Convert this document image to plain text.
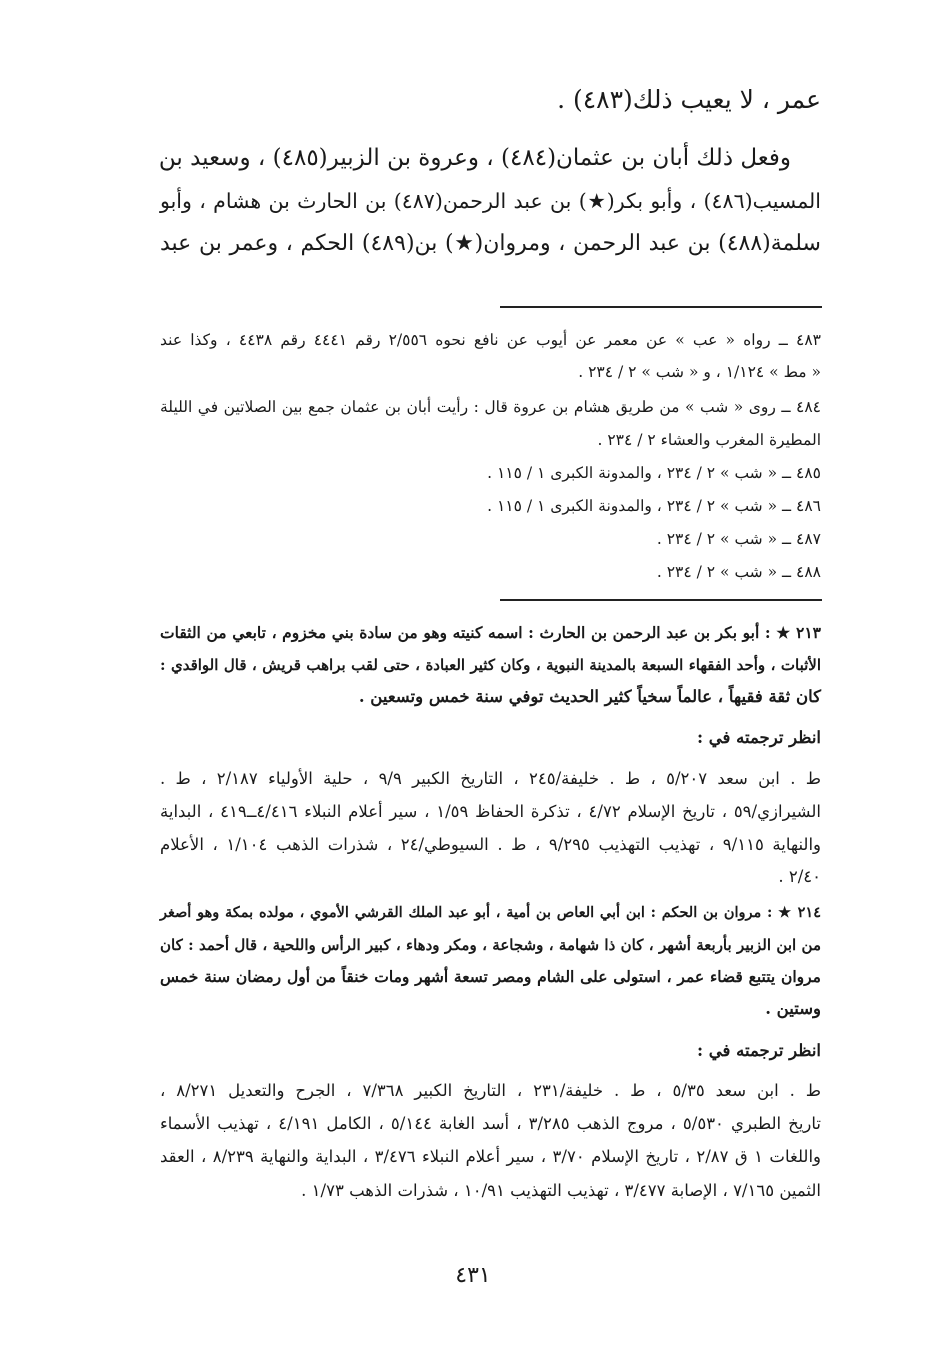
عمر ، لا يعيب ذلك(٤٨٣) .
وفعل ذلك أبان بن عثمان(٤٨٤) ، وعروة بن الزبير(٤٨٥) ، وسعيد بن
المسيب(٤٨٦) ، وأبو بكر(★) بن عبد الرحمن(٤٨٧) بن الحارث بن هشام ، وأبو
سلمة(٤٨٨) بن عبد الرحمن ، ومروان(★) بن(٤٨٩) الحكم ، وعمر بن عبد
٤٨٣ ــ رواه « عب » عن معمر عن أيوب عن نافع نحوه ٢/٥٥٦ رقم ٤٤٤١ رقم ٤٤٣٨ ، وكذا عند
« مط » ١/١٢٤ ، و « شب » ٢ / ٢٣٤ .
٤٨٤ ــ روى « شب » من طريق هشام بن عروة قال : رأيت أبان بن عثمان جمع بين الصلاتين في الليلة
المطيرة المغرب والعشاء ٢ / ٢٣٤ .
٤٨٥ ــ « شب » ٢ / ٢٣٤ ، والمدونة الكبرى ١ / ١١٥ .
٤٨٦ ــ « شب » ٢ / ٢٣٤ ، والمدونة الكبرى ١ / ١١٥ .
٤٨٧ ــ « شب » ٢ / ٢٣٤ .
٤٨٨ ــ « شب » ٢ / ٢٣٤ .
٢١٣ ★ : أبو بكر بن عبد الرحمن بن الحارث : اسمه كنيته وهو من سادة بني مخزوم ، تابعي من الثقات
الأثبات ، وأحد الفقهاء السبعة بالمدينة النبوية ، وكان كثير العبادة ، حتى لقب براهب قريش ، قال الواقدي :
كان ثقة فقيهاً ، عالماً سخياً كثير الحديث توفي سنة خمس وتسعين .
انظر ترجمته في :
ط . ابن سعد ٥/٢٠٧ ، ط . خليفة/٢٤٥ ، التاريخ الكبير ٩/٩ ، حلية الأولياء ٢/١٨٧ ، ط .
الشيرازي/٥٩ ، تاريخ الإسلام ٤/٧٢ ، تذكرة الحفاظ ١/٥٩ ، سير أعلام النبلاء ٤/٤١٦ــ٤١٩ ، البداية
والنهاية ٩/١١٥ ، تهذيب التهذيب ٩/٢٩٥ ، ط . السيوطي/٢٤ ، شذرات الذهب ١/١٠٤ ، الأعلام
٢/٤٠ .
٢١٤ ★ : مروان بن الحكم : ابن أبي العاص بن أمية ، أبو عبد الملك القرشي الأموي ، مولده بمكة وهو أصغر
من ابن الزبير بأربعة أشهر ، كان ذا شهامة ، وشجاعة ، ومكر ودهاء ، كبير الرأس واللحية ، قال أحمد : كان
مروان يتتبع قضاء عمر ، استولى على الشام ومصر تسعة أشهر ومات خنقاً من أول رمضان سنة خمس
وستين .
انظر ترجمته في :
ط . ابن سعد ٥/٣٥ ، ط . خليفة/٢٣١ ، التاريخ الكبير ٧/٣٦٨ ، الجرح والتعديل ٨/٢٧١ ،
تاريخ الطبري ٥/٥٣٠ ، مروج الذهب ٣/٢٨٥ ، أسد الغابة ٥/١٤٤ ، الكامل ٤/١٩١ ، تهذيب الأسماء
واللغات ١ ق ٢/٨٧ ، تاريخ الإسلام ٣/٧٠ ، سير أعلام النبلاء ٣/٤٧٦ ، البداية والنهاية ٨/٢٣٩ ، العقد
الثمين ٧/١٦٥ ، الإصابة ٣/٤٧٧ ، تهذيب التهذيب ١٠/٩١ ، شذرات الذهب ١/٧٣ .
٤٣١
